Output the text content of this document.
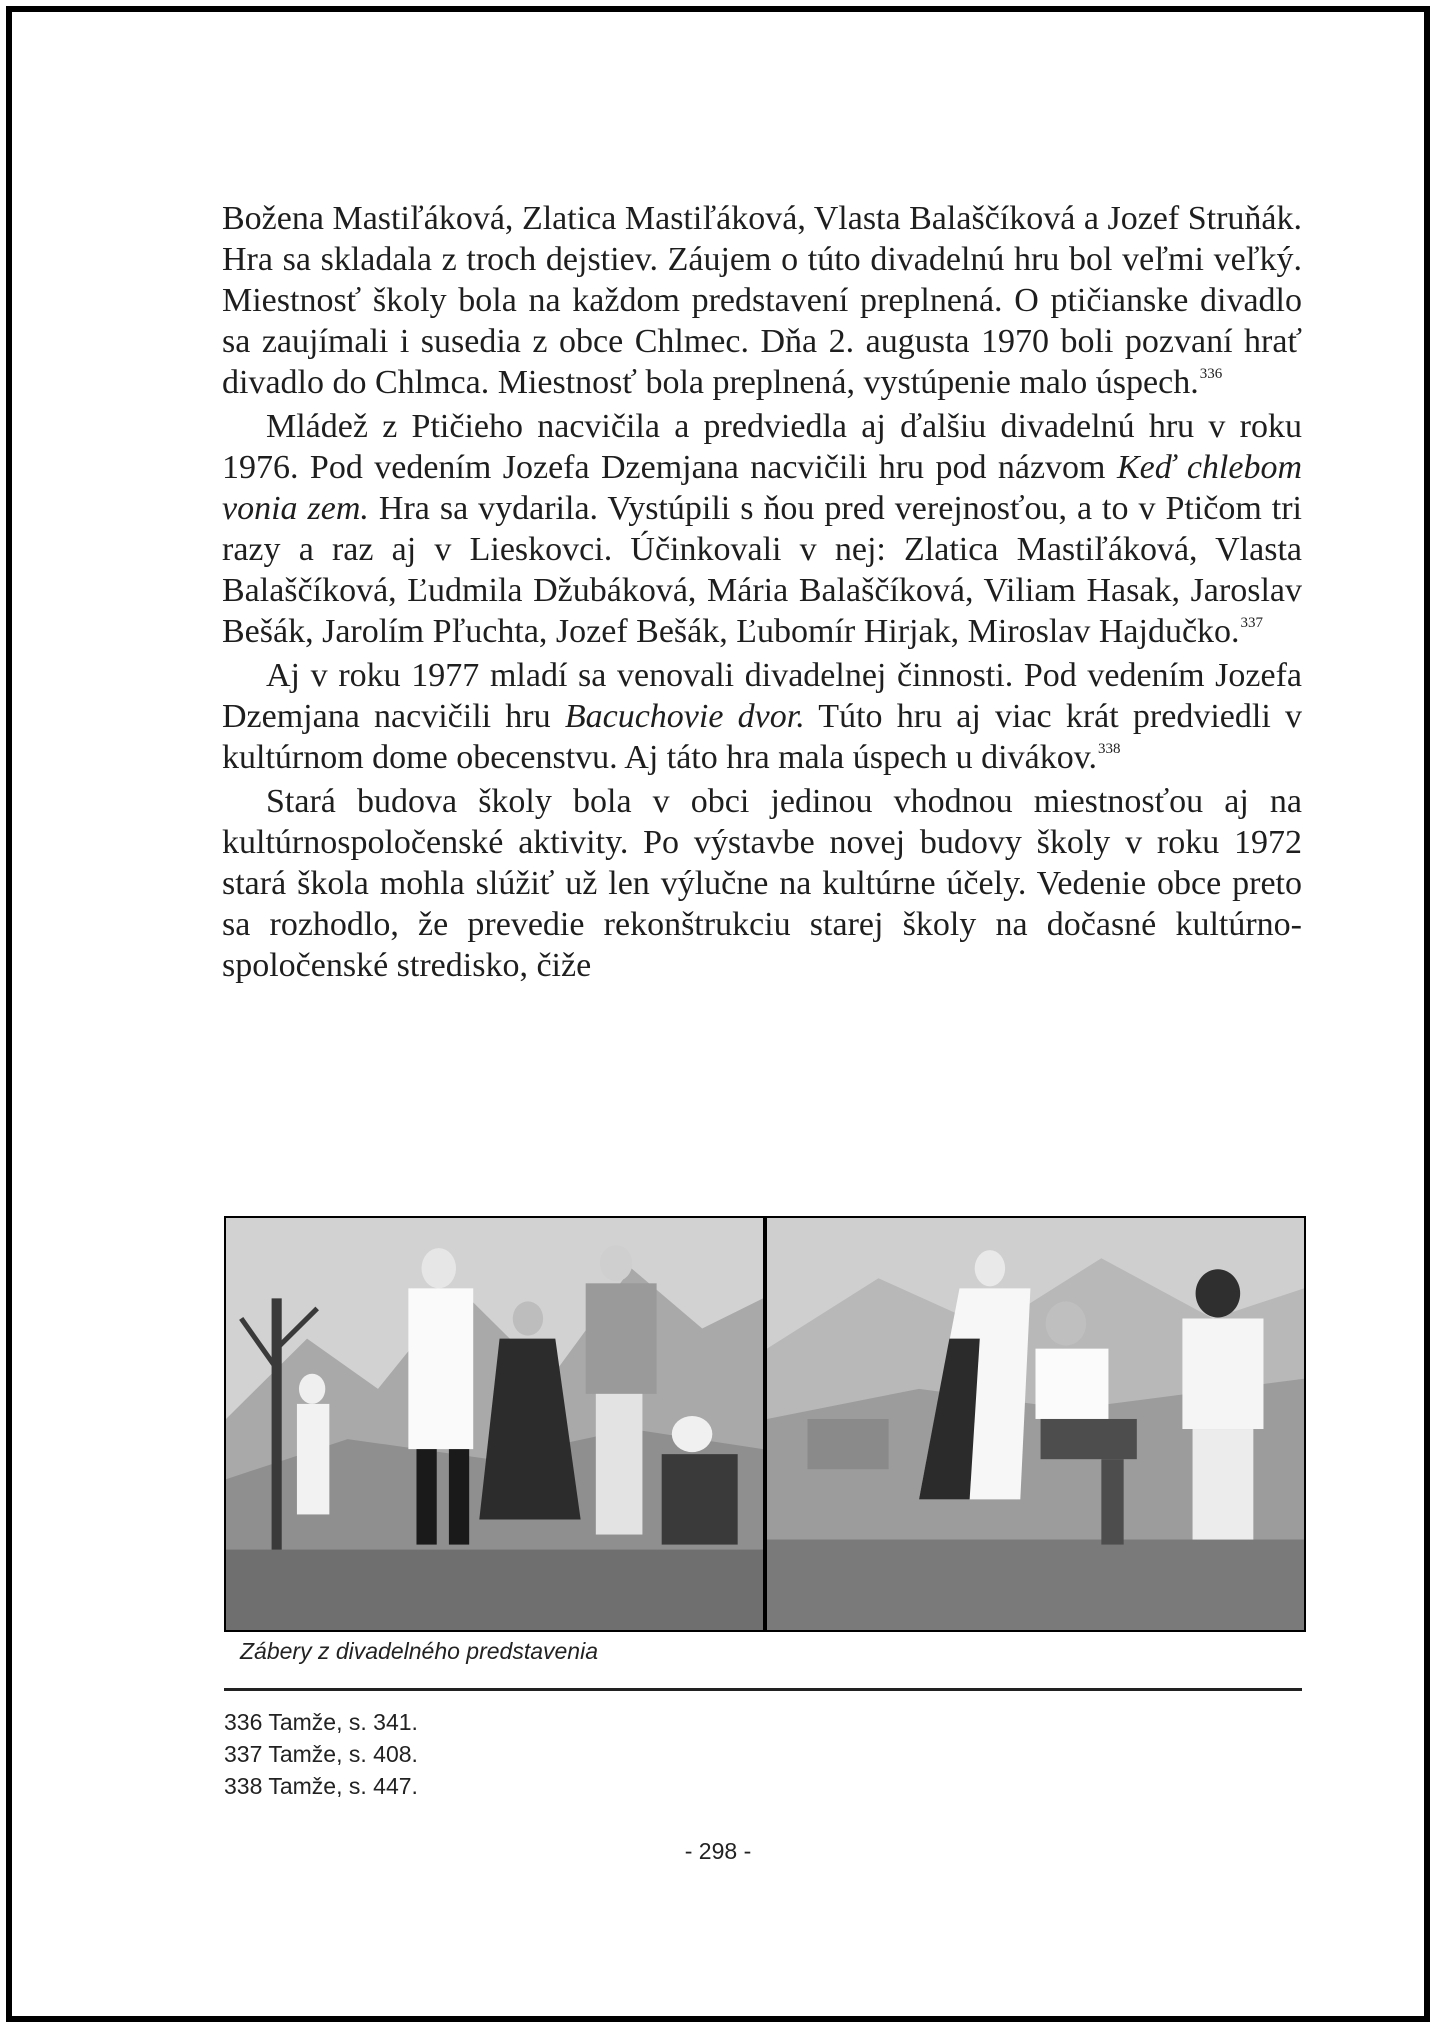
Božena Mastiľáková, Zlatica Mastiľáková, Vlasta Balaščíková a Jozef Struňák. Hra sa skladala z troch dejstiev. Záujem o túto divadelnú hru bol veľmi veľký. Miestnosť školy bola na každom predstavení preplnená. O ptičianske divadlo sa zaujímali i susedia z obce Chlmec. Dňa 2. augusta 1970 boli pozvaní hrať divadlo do Chlmca. Miestnosť bola preplnená, vystúpenie malo úspech.$^{336}$

Mládež z Ptičieho nacvičila a predviedla aj ďalšiu divadelnú hru v roku 1976. Pod vedením Jozefa Dzemjana nacvičili hru pod názvom Keď chlebom vonia zem. Hra sa vydarila. Vystúpili s ňou pred verejnosťou, a to v Ptičom tri razy a raz aj v Lieskovci. Účinkovali v nej: Zlatica Mastiľáková, Vlasta Balaščíková, Ľudmila Džubáková, Mária Balaščíková, Viliam Hasak, Jaroslav Bešák, Jarolím Pľuchta, Jozef Bešák, Ľubomír Hirjak, Miroslav Hajdučko.$^{337}$

Aj v roku 1977 mladí sa venovali divadelnej činnosti. Pod vedením Jozefa Dzemjana nacvičili hru Bacuchovie dvor. Túto hru aj viac krát predviedli v kultúrnom dome obecenstvu. Aj táto hra mala úspech u divákov.$^{338}$

Stará budova školy bola v obci jedinou vhodnou miestnosťou aj na kultúrnospoločenské aktivity. Po výstavbe novej budovy školy v roku 1972 stará škola mohla slúžiť už len výlučne na kultúrne účely. Vedenie obce preto sa rozhodlo, že prevedie rekonštrukciu starej školy na dočasné kultúrno-spoločenské stredisko, čiže

Zábery z divadelného predstavenia
336 Tamže, s. 341.
337 Tamže, s. 408.
338 Tamže, s. 447.
- 298 -
